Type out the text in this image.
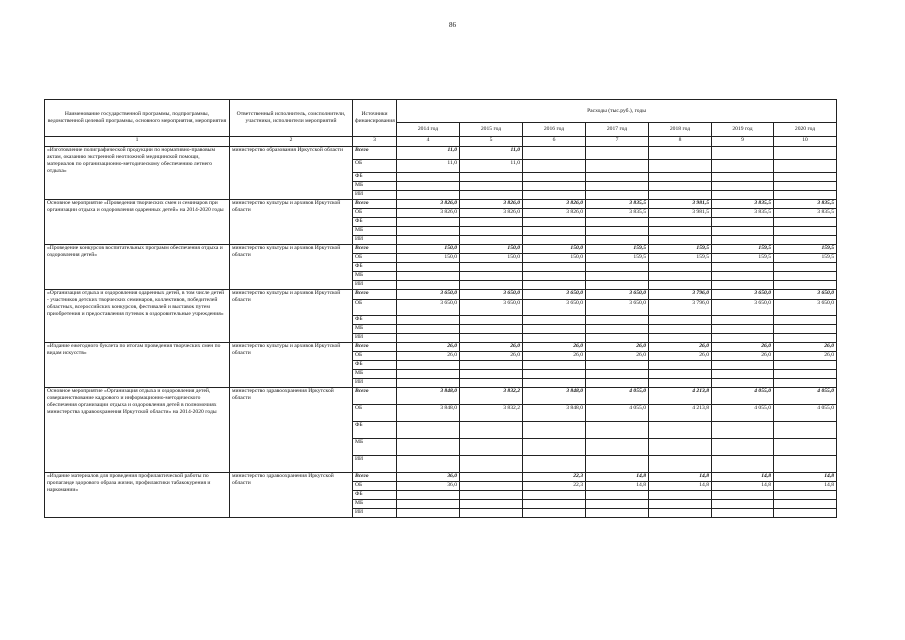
86
Наименование государственной программы, подпрограммы, ведомственной целевой программы, основного мероприятия, мероприятия	Ответственный исполнитель, соисполнители, участники, исполнители мероприятий	Источники финансирования	Расходы (тыс.руб.), годы						
			2014 год	2015 год	2016 год	2017 год	2018 год	2019 год	2020 год
1	2	3	4	5	6	7	8	9	10
«Изготовление полиграфической продукции по нормативно-правовым актам, оказанию экстренной неотложной медицинской помощи, материалов по организационно-методическому обеспечению летнего отдыха»	министерство образования Иркутской области	Всего	11,0	11,0					
		ОБ	11,0	11,0					
		ФБ							
		МБ							
		ИИ							
Основное мероприятие «Проведения творческих смен и семинаров при организации отдыха и оздоровления одаренных детей» на 2014-2020 годы	министерство культуры и архивов Иркутской области	Всего	3 826,0	3 826,0	3 826,0	3 835,5	3 981,5	3 835,5	3 835,5
		ОБ	3 826,0	3 826,0	3 826,0	3 835,5	3 981,5	3 835,5	3 835,5
		ФБ							
		МБ							
		ИИ							
«Проведение конкурсов воспитательных программ обеспечения отдыха и оздоровления детей»	министерство культуры и архивов Иркутской области	Всего	150,0	150,0	150,0	159,5	159,5	159,5	159,5
		ОБ	150,0	150,0	150,0	159,5	159,5	159,5	159,5
		ФБ							
		МБ							
		ИИ							
«Организация отдыха и оздоровления одаренных детей, в том числе детей - участников детских творческих семинаров, коллективов, победителей областных, всероссийских конкурсов, фестивалей и выставок путем приобретения и предоставления путевок в оздоровительные учреждения»	министерство культуры и архивов Иркутской области	Всего	3 650,0	3 650,0	3 650,0	3 650,0	3 796,0	3 650,0	3 650,0
		ОБ	3 650,0	3 650,0	3 650,0	3 650,0	3 796,0	3 650,0	3 650,0
		ФБ							
		МБ							
		ИИ							
«Издание ежегодного буклета по итогам проведения творческих смен по видам искусств»	министерство культуры и архивов Иркутской области	Всего	26,0	26,0	26,0	26,0	26,0	26,0	26,0
		ОБ	26,0	26,0	26,0	26,0	26,0	26,0	26,0
		ФБ							
		МБ							
		ИИ							
Основное мероприятие «Организация отдыха и оздоровления детей, совершенствование кадрового и информационно-методического обеспечения организации отдыха и оздоровления детей в полномочиях министерства здравоохранения Иркутской области» на 2014-2020 годы	министерство здравоохранения Иркутской области	Всего	3 848,0	3 832,2	3 848,0	4 055,0	4 213,8	4 055,0	4 055,0
		ОБ	3 848,0	3 832,2	3 848,0	4 055,0	4 213,8	4 055,0	4 055,0
		ФБ							
		МБ							
		ИИ							
«Издание материалов для проведения профилактической работы по пропаганде здорового образа жизни, профилактики табакокурения и наркомании»	министерство здравоохранения Иркутской области	Всего	36,0		22,3	14,8	14,8	14,8	14,8
		ОБ	36,0		22,3	14,8	14,8	14,8	14,8
		ФБ							
		МБ							
		ИИ							
